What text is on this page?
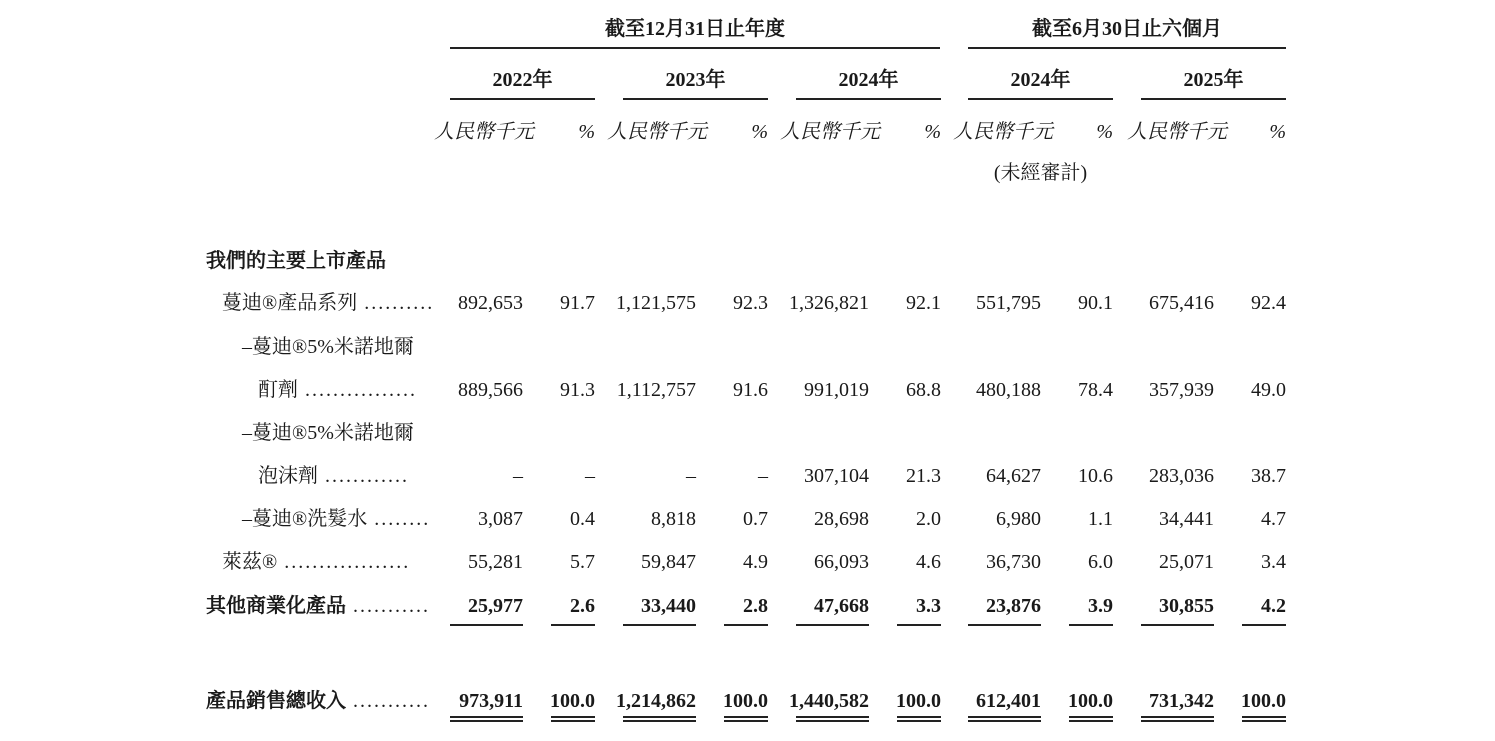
截至12月31日止年度	截至6月30日止六個月
2022年	2023年	2024年	2024年	2025年
人民幣千元	% 人民幣千元	% 人民幣千元	% 人民幣千元	% 人民幣千元	%
(未經審計)
我們的主要上市產品
蔓迪®產品系列 ..........	892,653	91.7	1,121,575	92.3	1,326,821	92.1	551,795	90.1	675,416	92.4
–蔓迪®5%米諾地爾
酊劑 ................	889,566	91.3	1,112,757	91.6	991,019	68.8	480,188	78.4	357,939	49.0
–蔓迪®5%米諾地爾
泡沫劑 ............	–	–	–	–	307,104	21.3	64,627	10.6	283,036	38.7
–蔓迪®洗髮水 ........	3,087	0.4	8,818	0.7	28,698	2.0	6,980	1.1	34,441	4.7
萊茲® ..................	55,281	5.7	59,847	4.9	66,093	4.6	36,730	6.0	25,071	3.4
其他商業化產品 ...........	25,977	2.6	33,440	2.8	47,668	3.3	23,876	3.9	30,855	4.2
產品銷售總收入 ...........	973,911	100.0	1,214,862	100.0	1,440,582	100.0	612,401	100.0	731,342	100.0
